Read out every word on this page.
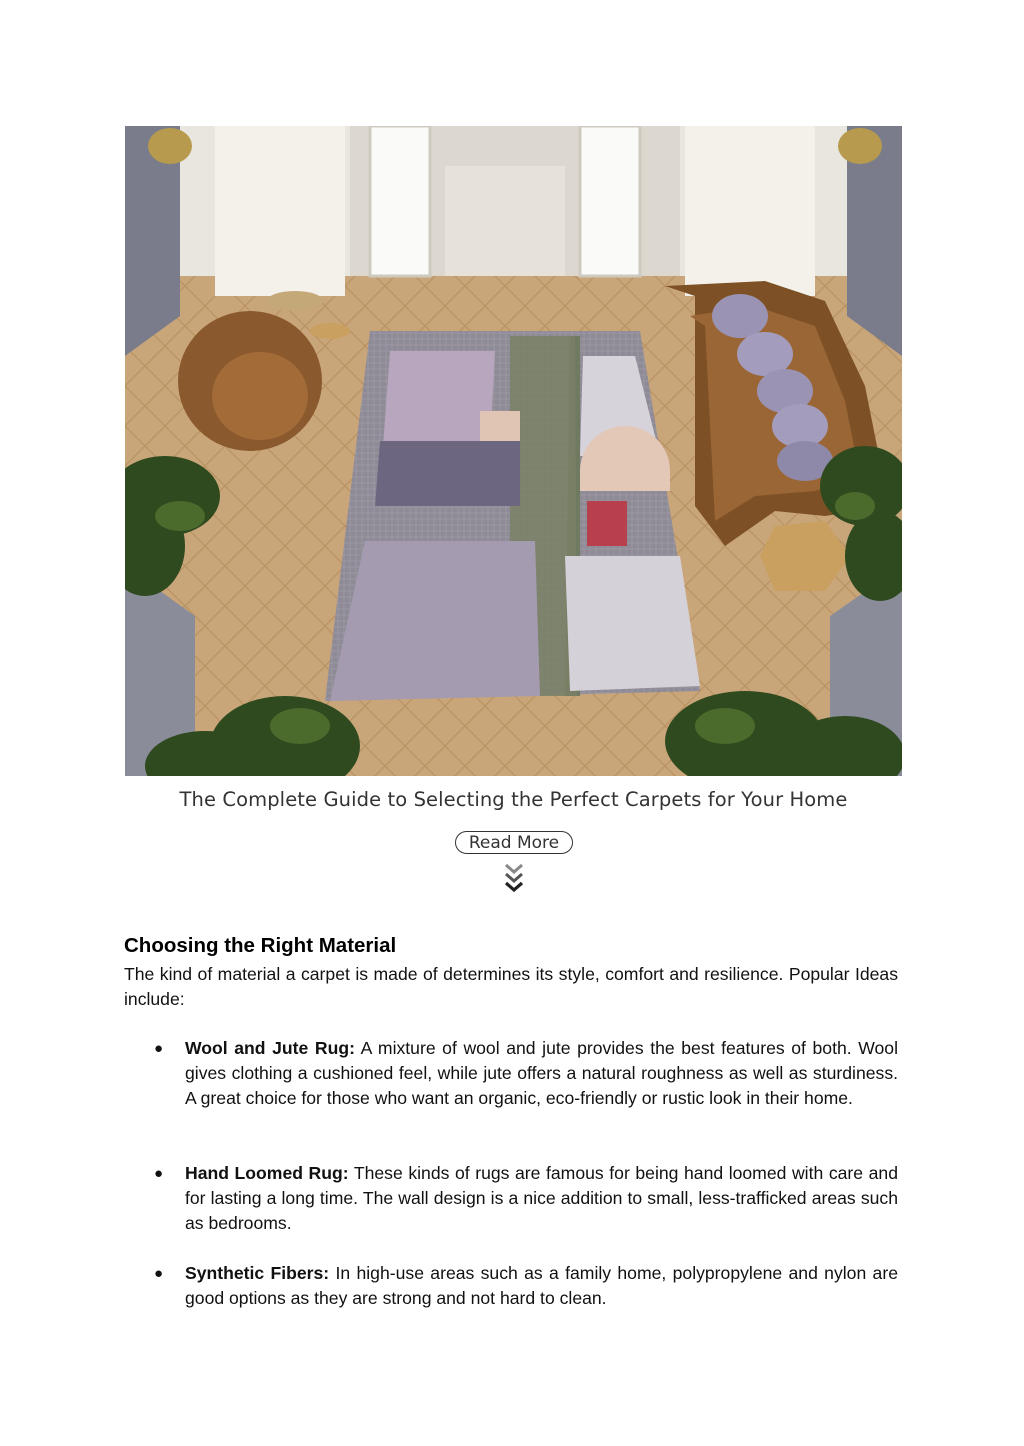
The Complete Guide to Selecting the Perfect Carpets for Your Home
Read More
Choosing the Right Material

The kind of material a carpet is made of determines its style, comfort and resilience. Popular Ideas include:

● Wool and Jute Rug: A mixture of wool and jute provides the best features of both. Wool gives clothing a cushioned feel, while jute offers a natural roughness as well as sturdiness. A great choice for those who want an organic, eco-friendly or rustic look in their home.

● Hand Loomed Rug: These kinds of rugs are famous for being hand loomed with care and for lasting a long time. The wall design is a nice addition to small, less-trafficked areas such as bedrooms.

● Synthetic Fibers: In high-use areas such as a family home, polypropylene and nylon are good options as they are strong and not hard to clean.
